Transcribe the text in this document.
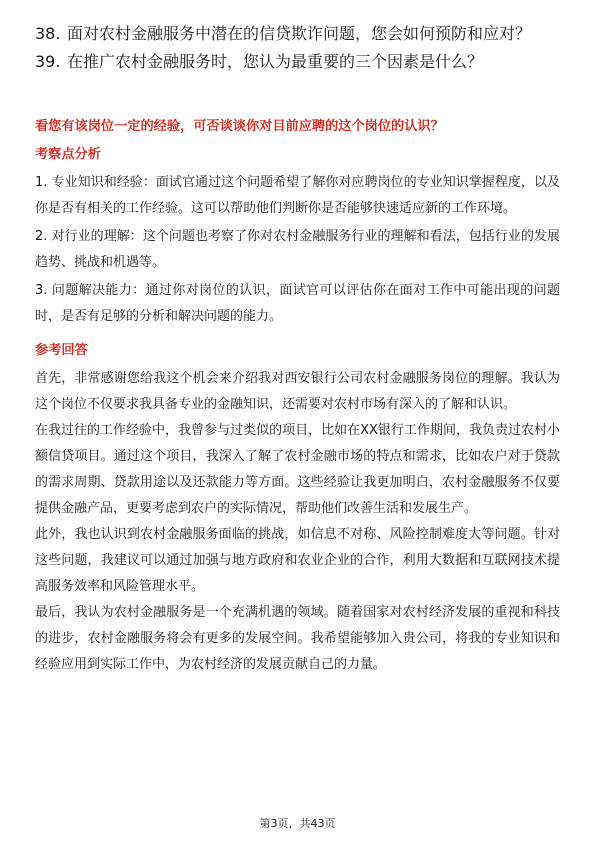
38. 面对农村金融服务中潜在的信贷欺诈问题，您会如何预防和应对？
39. 在推广农村金融服务时，您认为最重要的三个因素是什么？
看您有该岗位一定的经验，可否谈谈你对目前应聘的这个岗位的认识？
考察点分析

1. 专业知识和经验：面试官通过这个问题希望了解你对应聘岗位的专业知识掌握程度，以及你是否有相关的工作经验。这可以帮助他们判断你是否能够快速适应新的工作环境。

2. 对行业的理解：这个问题也考察了你对农村金融服务行业的理解和看法，包括行业的发展趋势、挑战和机遇等。

3. 问题解决能力：通过你对岗位的认识，面试官可以评估你在面对工作中可能出现的问题时，是否有足够的分析和解决问题的能力。

参考回答

首先，非常感谢您给我这个机会来介绍我对西安银行公司农村金融服务岗位的理解。我认为这个岗位不仅要求我具备专业的金融知识，还需要对农村市场有深入的了解和认识。

在我过往的工作经验中，我曾参与过类似的项目，比如在XX银行工作期间，我负责过农村小额信贷项目。通过这个项目，我深入了解了农村金融市场的特点和需求，比如农户对于贷款的需求周期、贷款用途以及还款能力等方面。这些经验让我更加明白，农村金融服务不仅要提供金融产品，更要考虑到农户的实际情况，帮助他们改善生活和发展生产。

此外，我也认识到农村金融服务面临的挑战，如信息不对称、风险控制难度大等问题。针对这些问题，我建议可以通过加强与地方政府和农业企业的合作，利用大数据和互联网技术提高服务效率和风险管理水平。

最后，我认为农村金融服务是一个充满机遇的领域。随着国家对农村经济发展的重视和科技的进步，农村金融服务将会有更多的发展空间。我希望能够加入贵公司，将我的专业知识和经验应用到实际工作中，为农村经济的发展贡献自己的力量。

第3页，共43页
